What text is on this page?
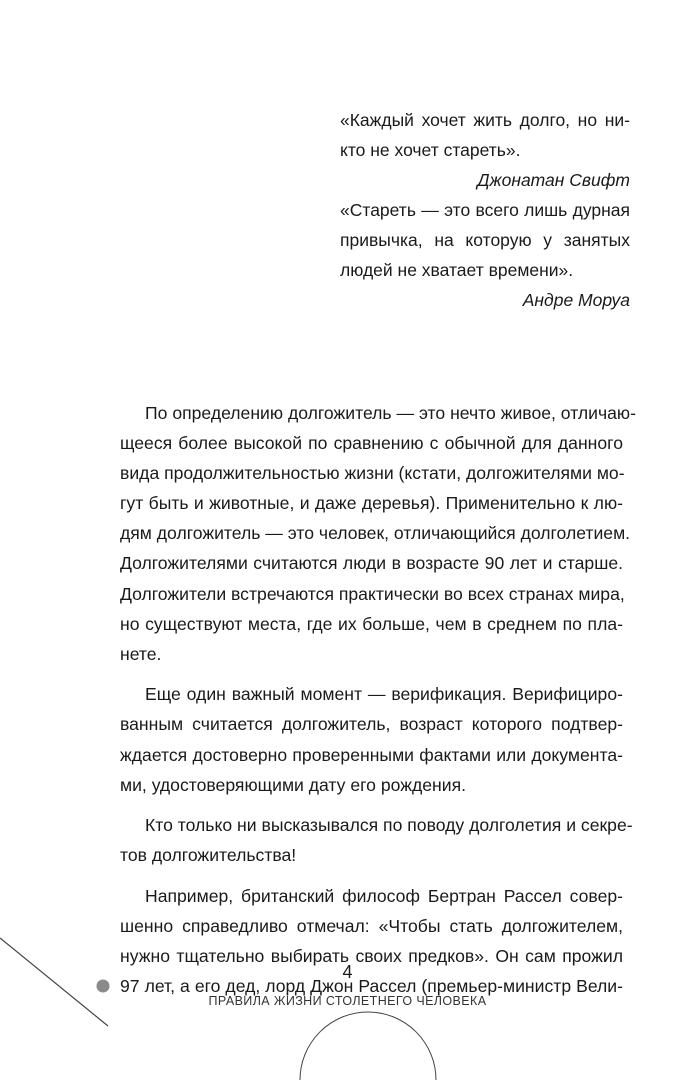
«Каждый хочет жить долго, но ни-
кто не хочет стареть».
Джонатан Свифт
«Стареть — это всего лишь дурная
привычка, на которую у занятых
людей не хватает времени».
Андре Моруа
По определению долгожитель — это нечто живое, отличаю-
щееся более высокой по сравнению с обычной для данного
вида продолжительностью жизни (кстати, долгожителями мо-
гут быть и животные, и даже деревья). Применительно к лю-
дям долгожитель — это человек, отличающийся долголетием.
Долгожителями считаются люди в возрасте 90 лет и старше.
Долгожители встречаются практически во всех странах мира,
но существуют места, где их больше, чем в среднем по пла-
нете.
Еще один важный момент — верификация. Верифициро-
ванным считается долгожитель, возраст которого подтвер-
ждается достоверно проверенными фактами или документа-
ми, удостоверяющими дату его рождения.
Кто только ни высказывался по поводу долголетия и секре-
тов долгожительства!
Например, британский философ Бертран Рассел совер-
шенно справедливо отмечал: «Чтобы стать долгожителем,
нужно тщательно выбирать своих предков». Он сам прожил
97 лет, а его дед, лорд Джон Рассел (премьер-министр Вели-
4
ПРАВИЛА ЖИЗНИ СТОЛЕТНЕГО ЧЕЛОВЕКА
